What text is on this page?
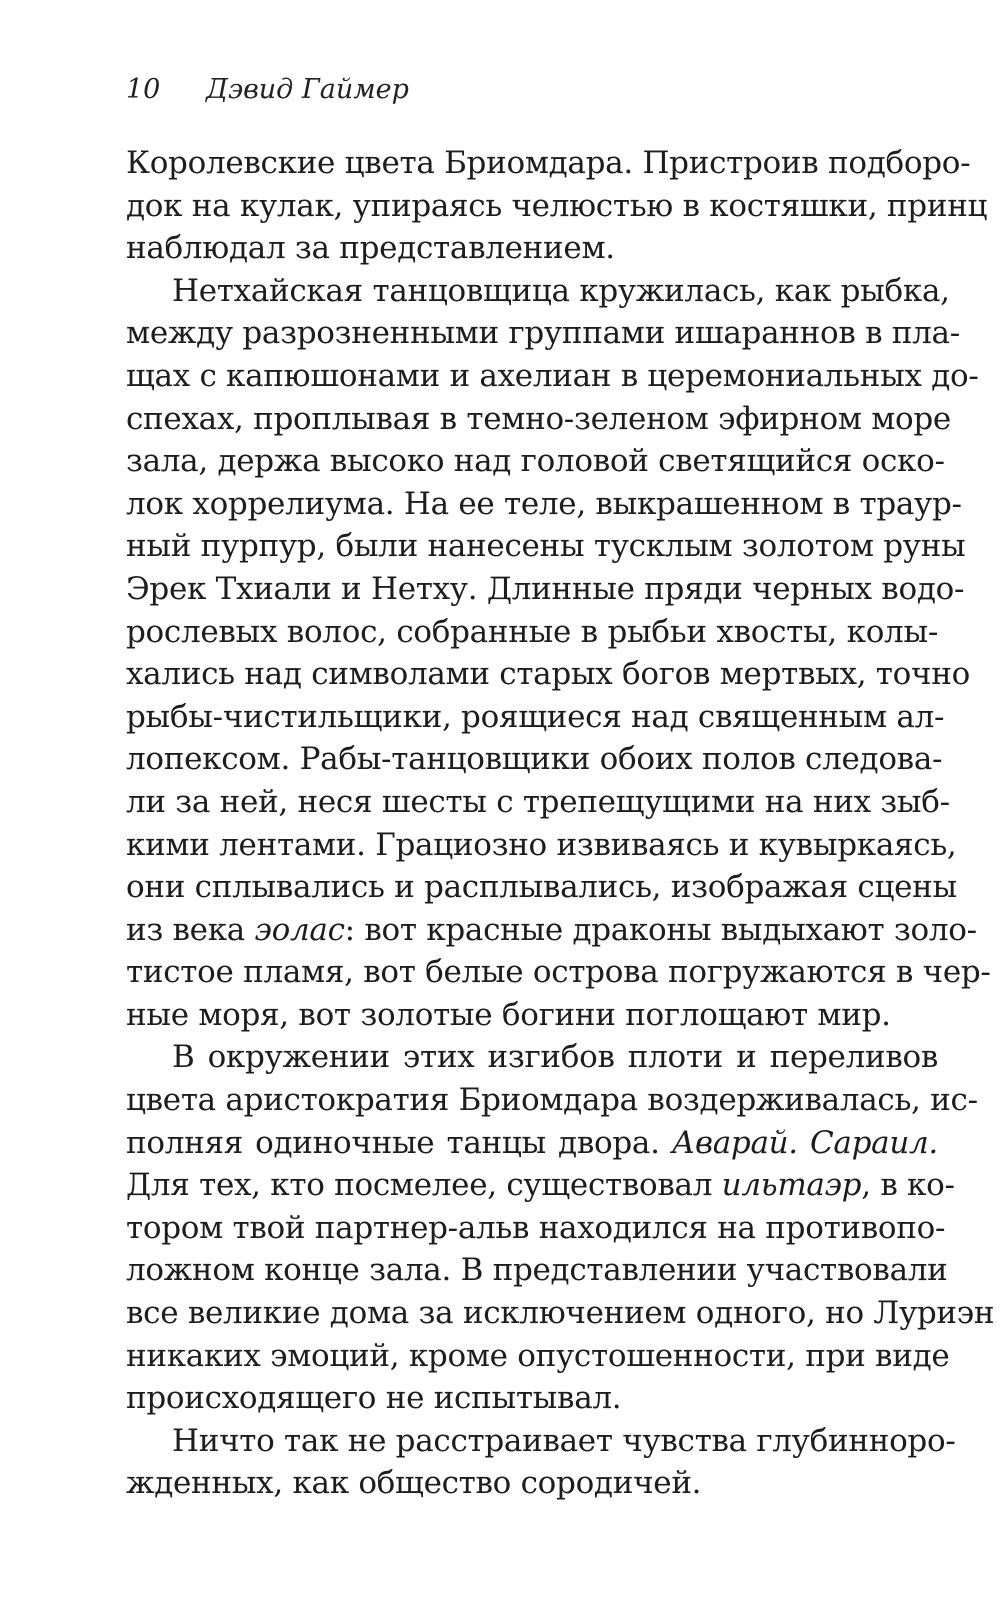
10 Дэвид Гаймер
Королевские цвета Бриомдара. Пристроив подборо-
док на кулак, упираясь челюстью в костяшки, принц
наблюдал за представлением.
Нетхайская танцовщица кружилась, как рыбка,
между разрозненными группами ишараннов в пла-
щах с капюшонами и ахелиан в церемониальных до-
спехах, проплывая в темно-зеленом эфирном море
зала, держа высоко над головой светящийся оско-
лок хоррелиума. На ее теле, выкрашенном в траур-
ный пурпур, были нанесены тусклым золотом руны
Эрек Тхиали и Нетху. Длинные пряди черных водо-
рослевых волос, собранные в рыбьи хвосты, колы-
хались над символами старых богов мертвых, точно
рыбы-чистильщики, роящиеся над священным ал-
лопексом. Рабы-танцовщики обоих полов следова-
ли за ней, неся шесты с трепещущими на них зыб-
кими лентами. Грациозно извиваясь и кувыркаясь,
они сплывались и расплывались, изображая сцены
из века эолас: вот красные драконы выдыхают золо-
тистое пламя, вот белые острова погружаются в чер-
ные моря, вот золотые богини поглощают мир.
В окружении этих изгибов плоти и переливов
цвета аристократия Бриомдара воздерживалась, ис-
полняя одиночные танцы двора. Аварай. Сараил.
Для тех, кто посмелее, существовал ильтаэр, в ко-
тором твой партнер-альв находился на противопо-
ложном конце зала. В представлении участвовали
все великие дома за исключением одного, но Луриэн
никаких эмоций, кроме опустошенности, при виде
происходящего не испытывал.
Ничто так не расстраивает чувства глубиннорo-
жденных, как общество сородичей.
